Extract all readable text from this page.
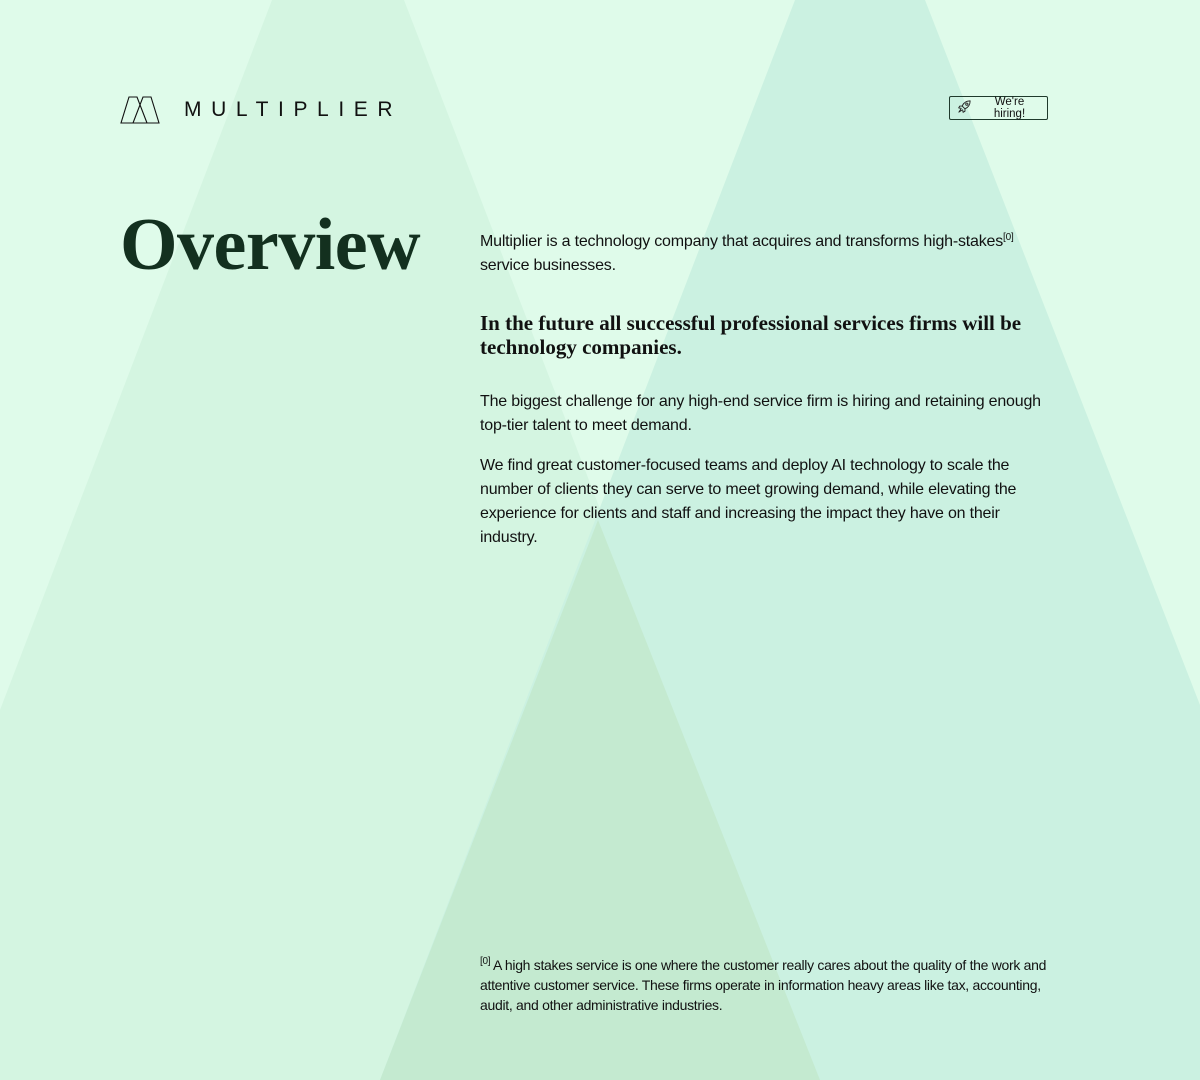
MULTIPLIER	We're hiring!
Overview	Multiplier is a technology company that acquires and transforms high-stakes[0] service businesses.

In the future all successful professional services firms will be technology companies.

The biggest challenge for any high-end service firm is hiring and retaining enough top-tier talent to meet demand.

We find great customer-focused teams and deploy AI technology to scale the number of clients they can serve to meet growing demand, while elevating the experience for clients and staff and increasing the impact they have on their industry.

[0] A high stakes service is one where the customer really cares about the quality of the work and attentive customer service. These firms operate in information heavy areas like tax, accounting, audit, and other administrative industries.
